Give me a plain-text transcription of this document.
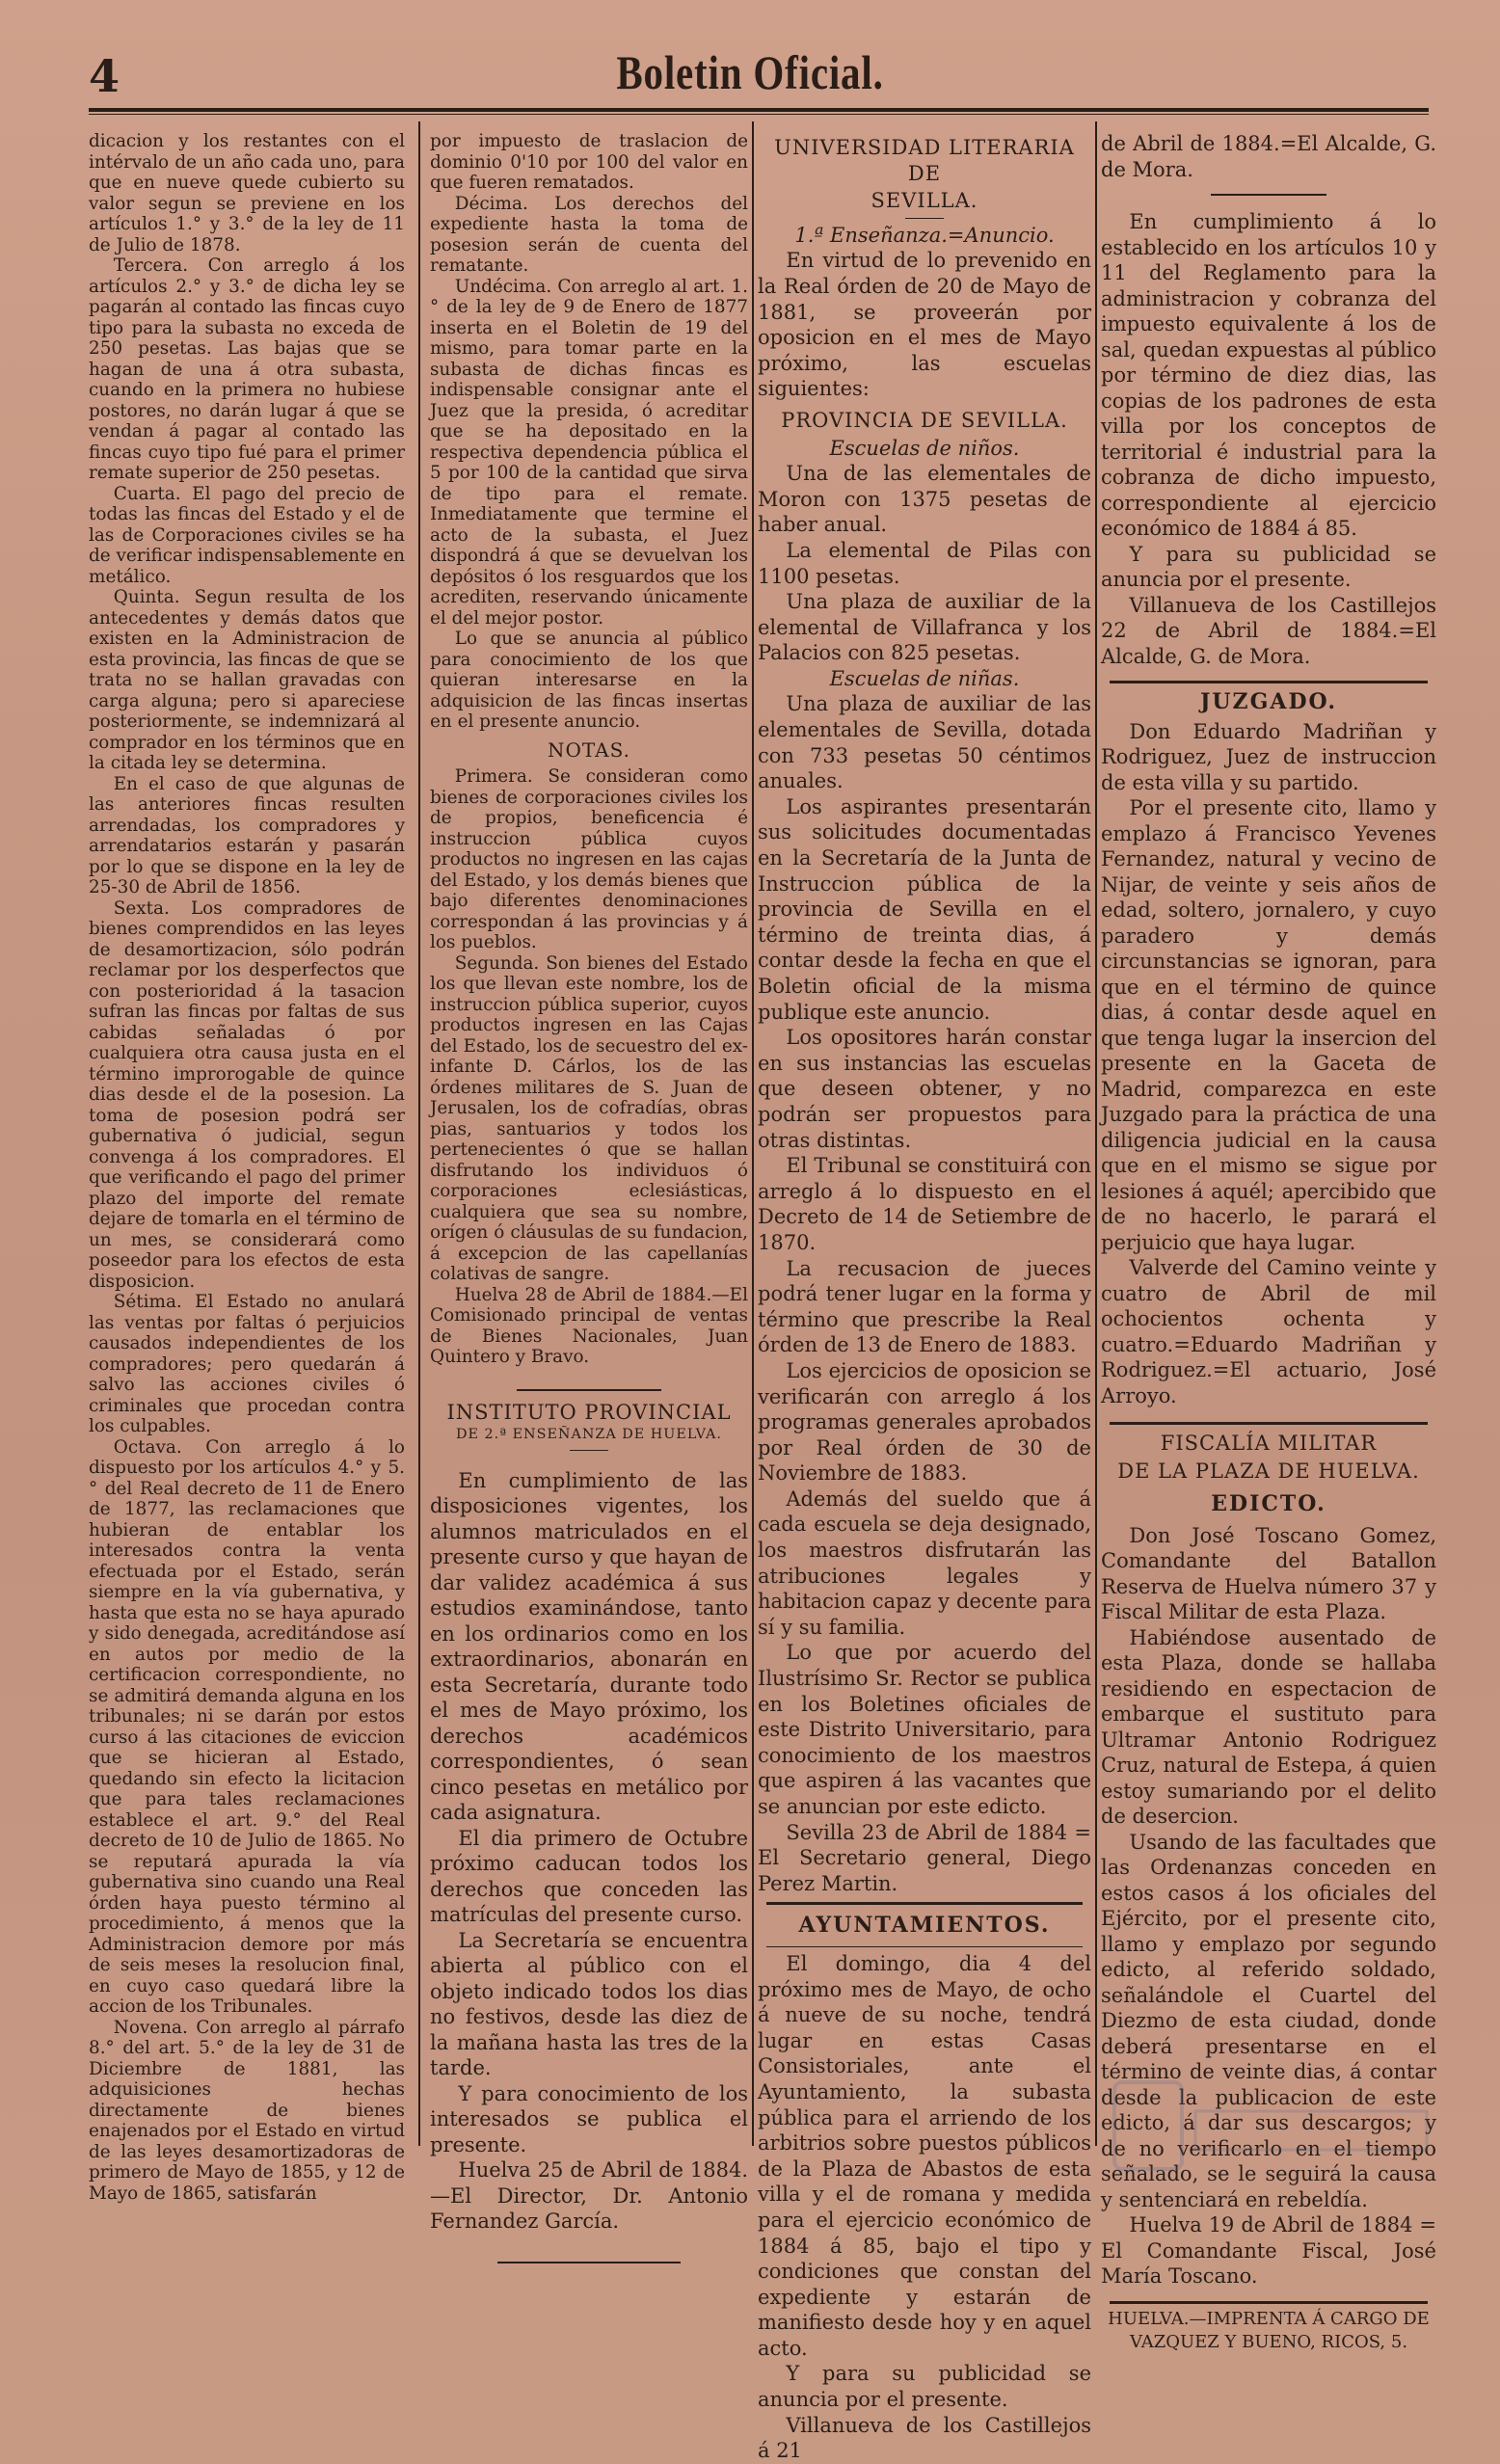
4	Boletin Oficial.

dicacion y los restantes con el intérvalo de un año cada uno, para que en nueve quede cubierto su valor segun se previene en los artículos 1.° y 3.° de la ley de 11 de Julio de 1878.

Tercera. Con arreglo á los artículos 2.° y 3.° de dicha ley se pagarán al contado las fincas cuyo tipo para la subasta no exceda de 250 pesetas. Las bajas que se hagan de una á otra subasta, cuando en la primera no hubiese postores, no darán lugar á que se vendan á pagar al contado las fincas cuyo tipo fué para el primer remate superior de 250 pesetas.

Cuarta. El pago del precio de todas las fincas del Estado y el de las de Corporaciones civiles se ha de verificar indispensablemente en metálico.

Quinta. Segun resulta de los antecedentes y demás datos que existen en la Administracion de esta provincia, las fincas de que se trata no se hallan gravadas con carga alguna; pero si apareciese posteriormente, se indemnizará al comprador en los términos que en la citada ley se determina.

En el caso de que algunas de las anteriores fincas resulten arrendadas, los compradores y arrendatarios estarán y pasarán por lo que se dispone en la ley de 25-30 de Abril de 1856.

Sexta. Los compradores de bienes comprendidos en las leyes de desamortizacion, sólo podrán reclamar por los desperfectos que con posterioridad á la tasacion sufran las fincas por faltas de sus cabidas señaladas ó por cualquiera otra causa justa en el término improrogable de quince dias desde el de la posesion. La toma de posesion podrá ser gubernativa ó judicial, segun convenga á los compradores. El que verificando el pago del primer plazo del importe del remate dejare de tomarla en el término de un mes, se considerará como poseedor para los efectos de esta disposicion.

Sétima. El Estado no anulará las ventas por faltas ó perjuicios causados independientes de los compradores; pero quedarán á salvo las acciones civiles ó criminales que procedan contra los culpables.

Octava. Con arreglo á lo dispuesto por los artículos 4.° y 5.° del Real decreto de 11 de Enero de 1877, las reclamaciones que hubieran de entablar los interesados contra la venta efectuada por el Estado, serán siempre en la vía gubernativa, y hasta que esta no se haya apurado y sido denegada, acreditándose así en autos por medio de la certificacion correspondiente, no se admitirá demanda alguna en los tribunales; ni se darán por estos curso á las citaciones de eviccion que se hicieran al Estado, quedando sin efecto la licitacion que para tales reclamaciones establece el art. 9.° del Real decreto de 10 de Julio de 1865. No se reputará apurada la vía gubernativa sino cuando una Real órden haya puesto término al procedimiento, á menos que la Administracion demore por más de seis meses la resolucion final, en cuyo caso quedará libre la accion de los Tribunales.

Novena. Con arreglo al párrafo 8.° del art. 5.° de la ley de 31 de Diciembre de 1881, las adquisiciones hechas directamente de bienes enajenados por el Estado en virtud de las leyes desamortizadoras de primero de Mayo de 1855, y 12 de Mayo de 1865, satisfarán

por impuesto de traslacion de dominio 0'10 por 100 del valor en que fueren rematados.

Décima. Los derechos del expediente hasta la toma de posesion serán de cuenta del rematante.

Undécima. Con arreglo al art. 1.° de la ley de 9 de Enero de 1877 inserta en el Boletin de 19 del mismo, para tomar parte en la subasta de dichas fincas es indispensable consignar ante el Juez que la presida, ó acreditar que se ha depositado en la respectiva dependencia pública el 5 por 100 de la cantidad que sirva de tipo para el remate. Inmediatamente que termine el acto de la subasta, el Juez dispondrá á que se devuelvan los depósitos ó los resguardos que los acrediten, reservando únicamente el del mejor postor.

Lo que se anuncia al público para conocimiento de los que quieran interesarse en la adquisicion de las fincas insertas en el presente anuncio.

NOTAS.

Primera. Se consideran como bienes de corporaciones civiles los de propios, beneficencia é instruccion pública cuyos productos no ingresen en las cajas del Estado, y los demás bienes que bajo diferentes denominaciones correspondan á las provincias y á los pueblos.

Segunda. Son bienes del Estado los que llevan este nombre, los de instruccion pública superior, cuyos productos ingresen en las Cajas del Estado, los de secuestro del ex-infante D. Cárlos, los de las órdenes militares de S. Juan de Jerusalen, los de cofradías, obras pias, santuarios y todos los pertenecientes ó que se hallan disfrutando los individuos ó corporaciones eclesiásticas, cualquiera que sea su nombre, orígen ó cláusulas de su fundacion, á excepcion de las capellanías colativas de sangre.

Huelva 28 de Abril de 1884.—El Comisionado principal de ventas de Bienes Nacionales, Juan Quintero y Bravo.

INSTITUTO PROVINCIAL
DE 2.ª ENSEÑANZA DE HUELVA.

En cumplimiento de las disposiciones vigentes, los alumnos matriculados en el presente curso y que hayan de dar validez académica á sus estudios examinándose, tanto en los ordinarios como en los extraordinarios, abonarán en esta Secretaría, durante todo el mes de Mayo próximo, los derechos académicos correspondientes, ó sean cinco pesetas en metálico por cada asignatura.

El dia primero de Octubre próximo caducan todos los derechos que conceden las matrículas del presente curso.

La Secretaría se encuentra abierta al público con el objeto indicado todos los dias no festivos, desde las diez de la mañana hasta las tres de la tarde.

Y para conocimiento de los interesados se publica el presente.

Huelva 25 de Abril de 1884.—El Director, Dr. Antonio Fernandez García.

UNIVERSIDAD LITERARIA DE
SEVILLA.

1.ª Enseñanza.=Anuncio.

En virtud de lo prevenido en la Real órden de 20 de Mayo de 1881, se proveerán por oposicion en el mes de Mayo próximo, las escuelas siguientes:

PROVINCIA DE SEVILLA.

Escuelas de niños.

Una de las elementales de Moron con 1375 pesetas de haber anual.

La elemental de Pilas con 1100 pesetas.

Una plaza de auxiliar de la elemental de Villafranca y los Palacios con 825 pesetas.

Escuelas de niñas.

Una plaza de auxiliar de las elementales de Sevilla, dotada con 733 pesetas 50 céntimos anuales.

Los aspirantes presentarán sus solicitudes documentadas en la Secretaría de la Junta de Instruccion pública de la provincia de Sevilla en el término de treinta dias, á contar desde la fecha en que el Boletin oficial de la misma publique este anuncio.

Los opositores harán constar en sus instancias las escuelas que deseen obtener, y no podrán ser propuestos para otras distintas.

El Tribunal se constituirá con arreglo á lo dispuesto en el Decreto de 14 de Setiembre de 1870.

La recusacion de jueces podrá tener lugar en la forma y término que prescribe la Real órden de 13 de Enero de 1883.

Los ejercicios de oposicion se verificarán con arreglo á los programas generales aprobados por Real órden de 30 de Noviembre de 1883.

Además del sueldo que á cada escuela se deja designado, los maestros disfrutarán las atribuciones legales y habitacion capaz y decente para sí y su familia.

Lo que por acuerdo del Ilustrísimo Sr. Rector se publica en los Boletines oficiales de este Distrito Universitario, para conocimiento de los maestros que aspiren á las vacantes que se anuncian por este edicto.

Sevilla 23 de Abril de 1884 = El Secretario general, Diego Perez Martin.

AYUNTAMIENTOS.

El domingo, dia 4 del próximo mes de Mayo, de ocho á nueve de su noche, tendrá lugar en estas Casas Consistoriales, ante el Ayuntamiento, la subasta pública para el arriendo de los arbitrios sobre puestos públicos de la Plaza de Abastos de esta villa y el de romana y medida para el ejercicio económico de 1884 á 85, bajo el tipo y condiciones que constan del expediente y estarán de manifiesto desde hoy y en aquel acto.

Y para su publicidad se anuncia por el presente.

Villanueva de los Castillejos á 21

de Abril de 1884.=El Alcalde, G. de Mora.

En cumplimiento á lo establecido en los artículos 10 y 11 del Reglamento para la administracion y cobranza del impuesto equivalente á los de sal, quedan expuestas al público por término de diez dias, las copias de los padrones de esta villa por los conceptos de territorial é industrial para la cobranza de dicho impuesto, correspondiente al ejercicio económico de 1884 á 85.

Y para su publicidad se anuncia por el presente.

Villanueva de los Castillejos 22 de Abril de 1884.=El Alcalde, G. de Mora.

JUZGADO.

Don Eduardo Madriñan y Rodriguez, Juez de instruccion de esta villa y su partido.

Por el presente cito, llamo y emplazo á Francisco Yevenes Fernandez, natural y vecino de Nijar, de veinte y seis años de edad, soltero, jornalero, y cuyo paradero y demás circunstancias se ignoran, para que en el término de quince dias, á contar desde aquel en que tenga lugar la insercion del presente en la Gaceta de Madrid, comparezca en este Juzgado para la práctica de una diligencia judicial en la causa que en el mismo se sigue por lesiones á aquél; apercibido que de no hacerlo, le parará el perjuicio que haya lugar.

Valverde del Camino veinte y cuatro de Abril de mil ochocientos ochenta y cuatro.=Eduardo Madriñan y Rodriguez.=El actuario, José Arroyo.

FISCALÍA MILITAR
DE LA PLAZA DE HUELVA.
EDICTO.

Don José Toscano Gomez, Comandante del Batallon Reserva de Huelva número 37 y Fiscal Militar de esta Plaza.

Habiéndose ausentado de esta Plaza, donde se hallaba residiendo en espectacion de embarque el sustituto para Ultramar Antonio Rodriguez Cruz, natural de Estepa, á quien estoy sumariando por el delito de desercion.

Usando de las facultades que las Ordenanzas conceden en estos casos á los oficiales del Ejército, por el presente cito, llamo y emplazo por segundo edicto, al referido soldado, señalándole el Cuartel del Diezmo de esta ciudad, donde deberá presentarse en el término de veinte dias, á contar desde la publicacion de este edicto, á dar sus descargos; y de no verificarlo en el tiempo señalado, se le seguirá la causa y sentenciará en rebeldía.

Huelva 19 de Abril de 1884 = El Comandante Fiscal, José María Toscano.

HUELVA.—IMPRENTA Á CARGO DE
VAZQUEZ Y BUENO, RICOS, 5.
